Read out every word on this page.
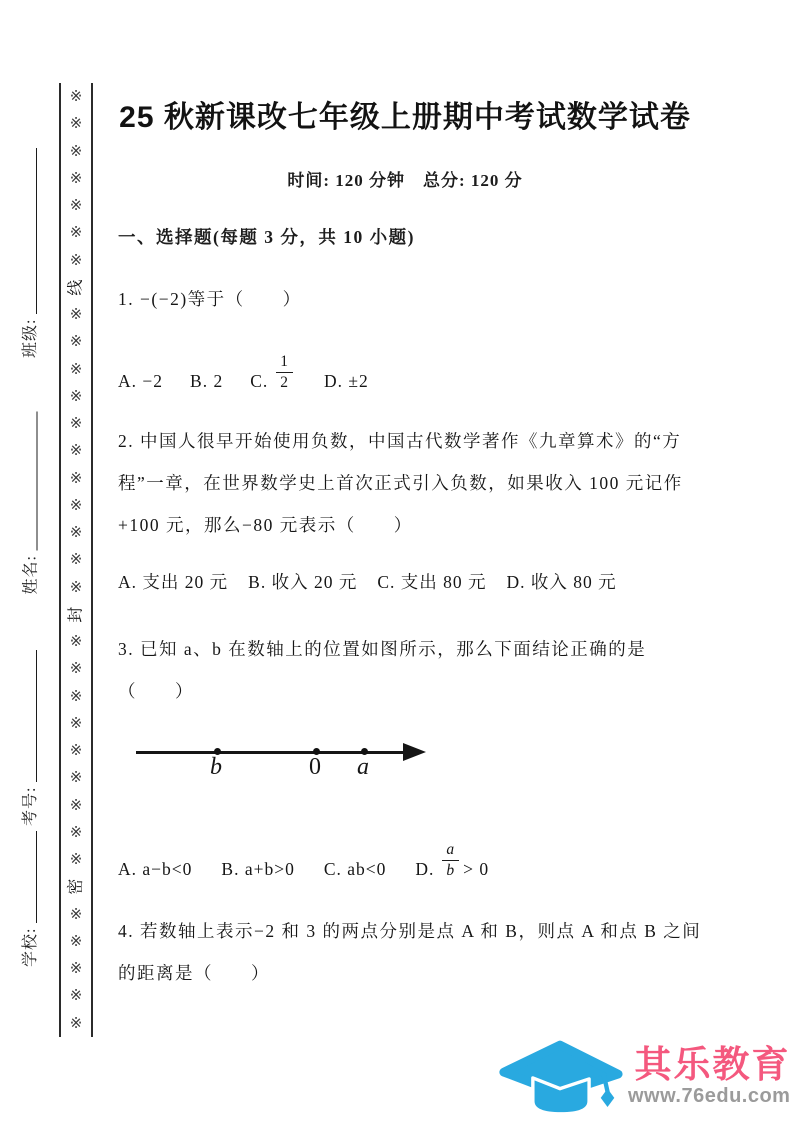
※
※
※
※
※
※
※
线
※
※
※
※
※
※
※
※
※
※
※
封
※
※
※
※
※
※
※
※
※
密
※
※
※
※
※
班级:
姓名:
考号:
学校:
25 秋新课改七年级上册期中考试数学试卷
时间: 120 分钟　总分: 120 分
一、选择题(每题 3 分，共 10 小题)
1. −(−2)等于（　　）
A. −2 B. 2 C. $\frac{1}{2} D$. ±2
2. 中国人很早开始使用负数，中国古代数学著作《九章算术》的“方
程”一章，在世界数学史上首次正式引入负数，如果收入 100 元记作
+100 元，那么−80 元表示（　　）
A. 支出 20 元 B. 收入 20 元 C. 支出 80 元 D. 收入 80 元
3. 已知 a、b 在数轴上的位置如图所示，那么下面结论正确的是
（　　）
b	0 a
A. a−b<0 B. a+b>0 C. ab<0 D. $\frac{a}{b} > 0$
4. 若数轴上表示−2 和 3 的两点分别是点 A 和 B，则点 A 和点 B 之间
的距离是（　　）
其乐教育
www.76edu.com
